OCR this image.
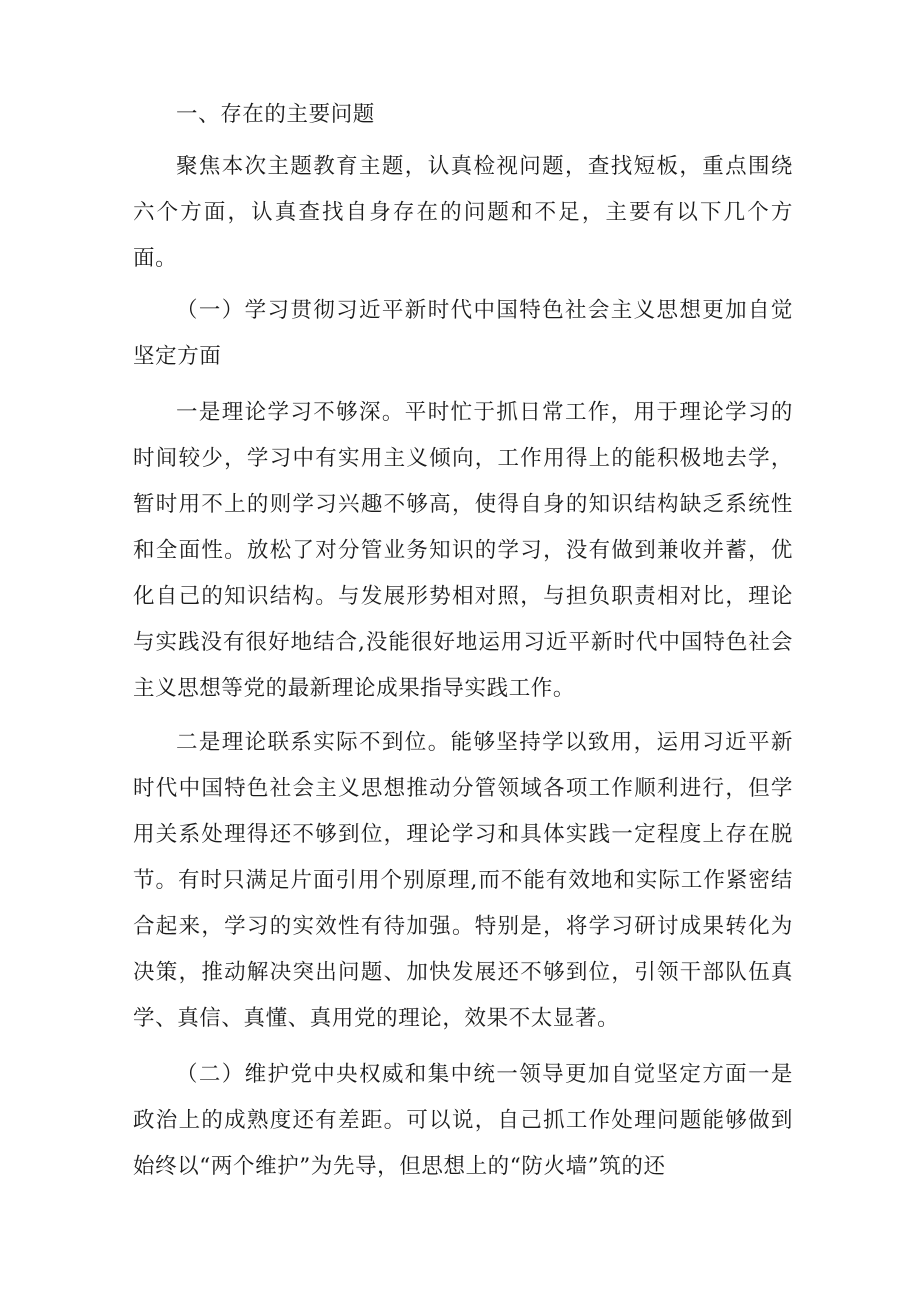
一、存在的主要问题

聚焦本次主题教育主题，认真检视问题，查找短板，重点围绕六个方面，认真查找自身存在的问题和不足，主要有以下几个方面。

（一）学习贯彻习近平新时代中国特色社会主义思想更加自觉坚定方面

一是理论学习不够深。平时忙于抓日常工作，用于理论学习的时间较少，学习中有实用主义倾向，工作用得上的能积极地去学，暂时用不上的则学习兴趣不够高，使得自身的知识结构缺乏系统性和全面性。放松了对分管业务知识的学习，没有做到兼收并蓄，优化自己的知识结构。与发展形势相对照，与担负职责相对比，理论与实践没有很好地结合,没能很好地运用习近平新时代中国特色社会主义思想等党的最新理论成果指导实践工作。

二是理论联系实际不到位。能够坚持学以致用，运用习近平新时代中国特色社会主义思想推动分管领域各项工作顺利进行，但学用关系处理得还不够到位，理论学习和具体实践一定程度上存在脱节。有时只满足片面引用个别原理,而不能有效地和实际工作紧密结合起来，学习的实效性有待加强。特别是，将学习研讨成果转化为决策，推动解决突出问题、加快发展还不够到位，引领干部队伍真学、真信、真懂、真用党的理论，效果不太显著。

（二）维护党中央权威和集中统一领导更加自觉坚定方面一是政治上的成熟度还有差距。可以说，自己抓工作处理问题能够做到始终以“两个维护”为先导，但思想上的“防火墙”筑的还
